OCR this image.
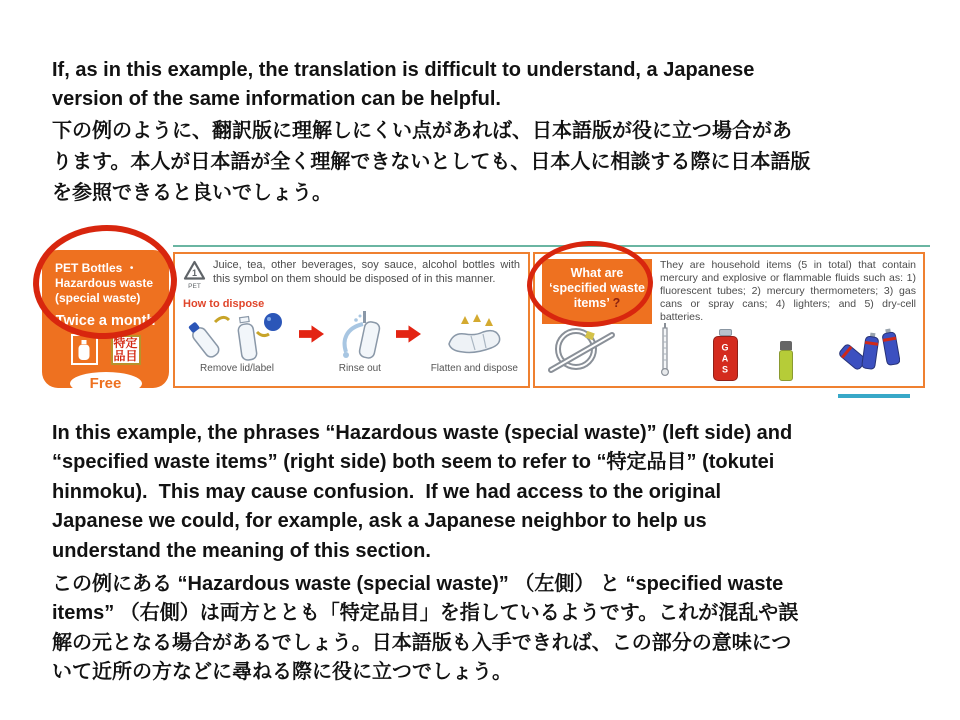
If, as in this example, the translation is difficult to understand, a Japanese
version of the same information can be helpful.
下の例のように、翻訳版に理解しにくい点があれば、日本語版が役に立つ場合があ
ります。本人が日本語が全く理解できないとしても、日本人に相談する際に日本語版
を参照できると良いでしょう。
PET Bottles ・
Hazardous waste
(special waste)
Twice a month
特定品目
Free
1
PET
Juice, tea, other beverages, soy sauce, alcohol bottles with this symbol on them should be disposed of in this manner.
How to dispose
Remove lid/label	Rinse out	Flatten and dispose
What are ‘specified waste items’ ?
They are household items (5 in total) that contain mercury and explosive or flammable fluids such as: 1) fluorescent tubes; 2) mercury thermometers; 3) gas cans or spray cans; 4) lighters; and 5) dry-cell batteries.
GAS
In this example, the phrases “Hazardous waste (special waste)” (left side) and
“specified waste items” (right side) both seem to refer to “特定品目” (tokutei
hinmoku).  This may cause confusion.  If we had access to the original
Japanese we could, for example, ask a Japanese neighbor to help us
understand the meaning of this section.
この例にある “Hazardous waste (special waste)” （左側） と “specified waste
items” （右側）は両方ととも「特定品目」を指しているようです。これが混乱や誤
解の元となる場合があるでしょう。日本語版も入手できれば、この部分の意味につ
いて近所の方などに尋ねる際に役に立つでしょう。
